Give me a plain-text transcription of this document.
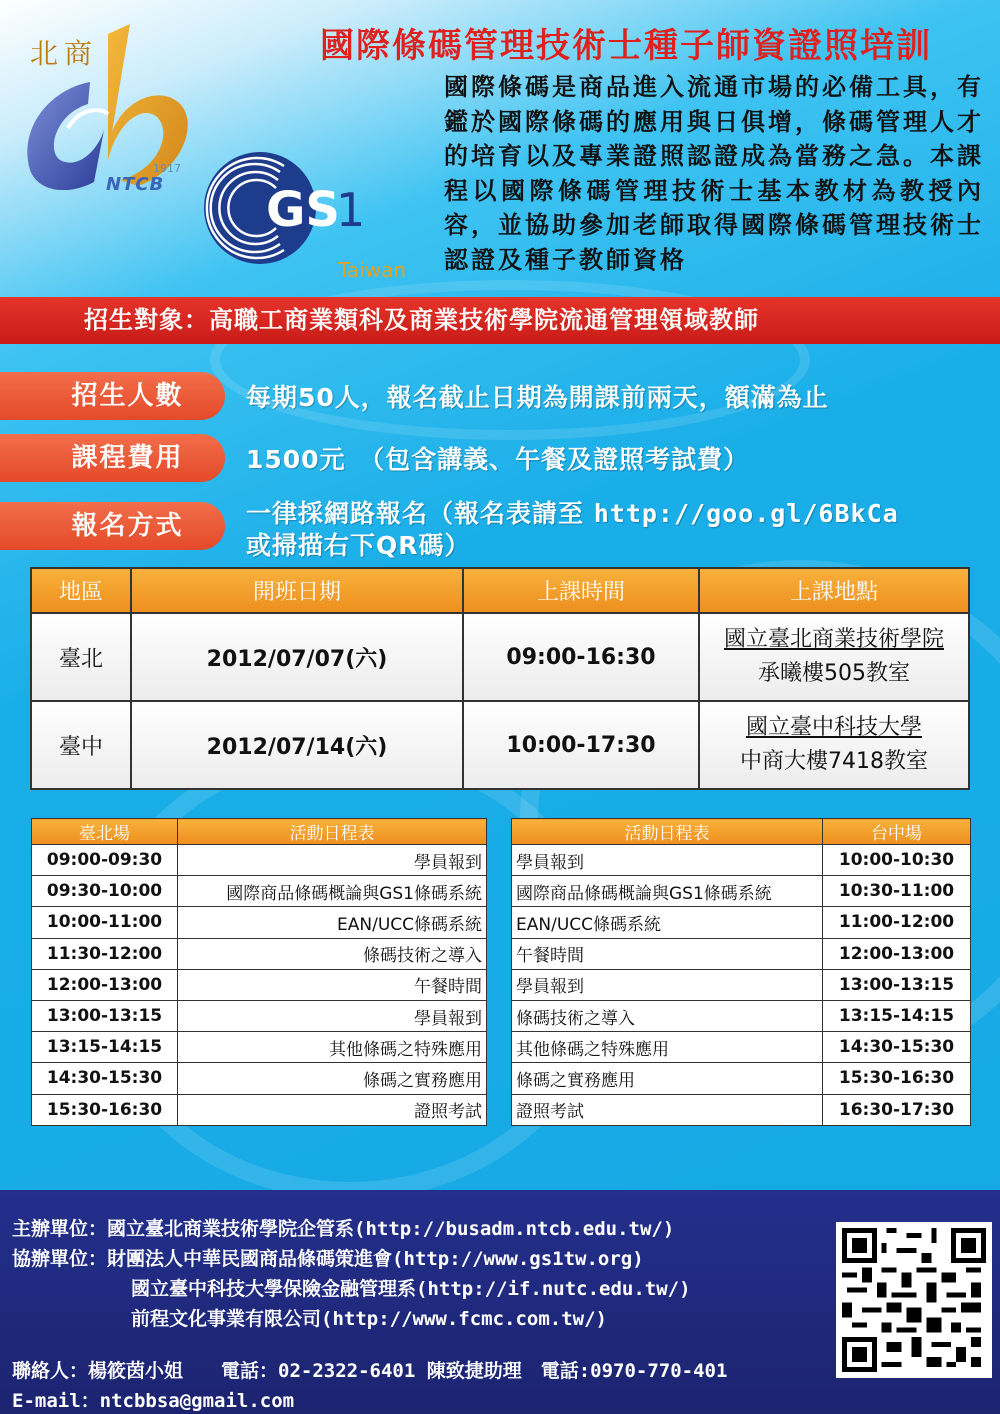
北商
1917
NTCB GS
1
Taiwan
國際條碼管理技術士種子師資證照培訓
國際條碼是商品進入流通市場的必備工具，有鑑於國際條碼的應用與日俱增，條碼管理人才的培育以及專業證照認證成為當務之急。本課程以國際條碼管理技術士基本教材為教授內容，並協助參加老師取得國際條碼管理技術士認證及種子教師資格
招生對象：高職工商業類科及商業技術學院流通管理領域教師
招生人數	每期50人，報名截止日期為開課前兩天，額滿為止
課程費用	1500元　（包含講義、午餐及證照考試費）
報名方式	一律採網路報名（報名表請至 http://goo.gl/6BkCa
或掃描右下QR碼）
地區	開班日期	上課時間	上課地點
臺北	2012/07/07(六)	09:00-16:30	國立臺北商業技術學院
承曦樓505教室
臺中	2012/07/14(六)	10:00-17:30	國立臺中科技大學
中商大樓7418教室
臺北場	活動日程表
09:00-09:30	學員報到
09:30-10:00	國際商品條碼概論與GS1條碼系統
10:00-11:00	EAN/UCC條碼系統
11:30-12:00	條碼技術之導入
12:00-13:00	午餐時間
13:00-13:15	學員報到
13:15-14:15	其他條碼之特殊應用
14:30-15:30	條碼之實務應用
15:30-16:30	證照考試
活動日程表	台中場
學員報到	10:00-10:30
國際商品條碼概論與GS1條碼系統	10:30-11:00
EAN/UCC條碼系統	11:00-12:00
午餐時間	12:00-13:00
學員報到	13:00-13:15
條碼技術之導入	13:15-14:15
其他條碼之特殊應用	14:30-15:30
條碼之實務應用	15:30-16:30
證照考試	16:30-17:30
主辦單位：國立臺北商業技術學院企管系(http://busadm.ntcb.edu.tw/)
協辦單位：財團法人中華民國商品條碼策進會(http://www.gs1tw.org)
國立臺中科技大學保險金融管理系(http://if.nutc.edu.tw/)
前程文化事業有限公司(http://www.fcmc.com.tw/)
聯絡人：楊筱茵小姐　　電話：02-2322-6401 陳致捷助理　電話:0970-770-401
E-mail：ntcbbsa@gmail.com
